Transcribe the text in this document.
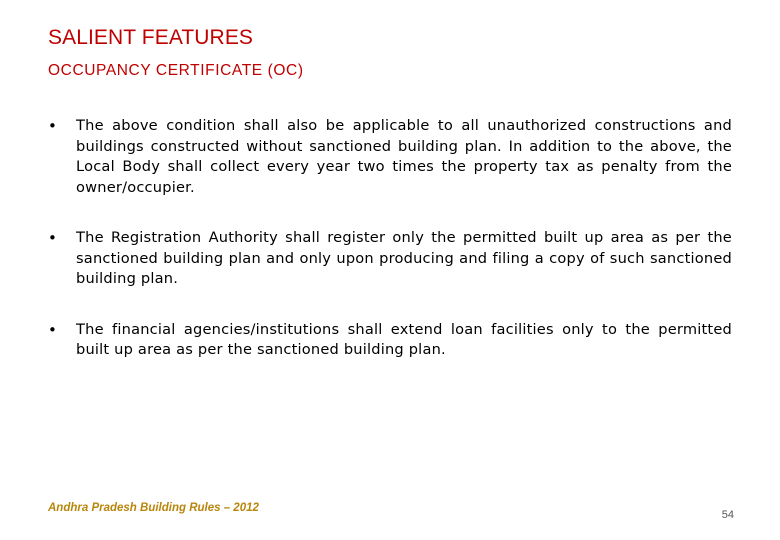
SALIENT FEATURES
OCCUPANCY CERTIFICATE (OC)
•	The above condition shall also be applicable to all unauthorized constructions and buildings constructed without sanctioned building plan. In addition to the above, the Local Body shall collect every year two times the property tax as penalty from the owner/occupier.
•	The Registration Authority shall register only the permitted built up area as per the sanctioned building plan and only upon producing and filing a copy of such sanctioned building plan.
•	The financial agencies/institutions shall extend loan facilities only to the permitted built up area as per the sanctioned building plan.
Andhra Pradesh Building Rules – 2012
54
